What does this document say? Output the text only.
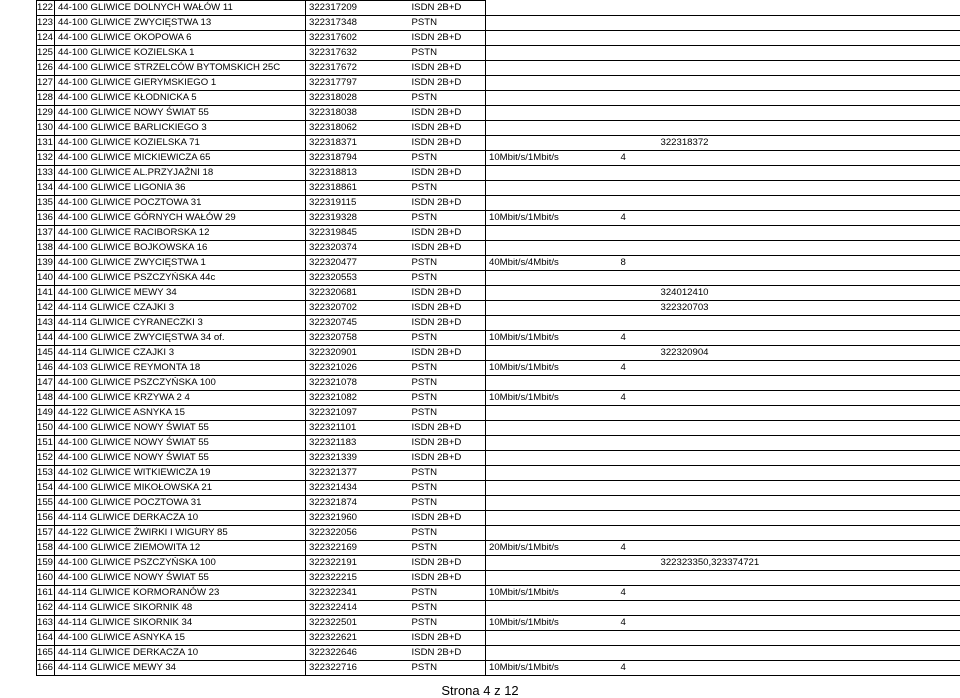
122	44-100 GLIWICE DOLNYCH WAŁÓW 11	322317209	ISDN 2B+D			
123	44-100 GLIWICE ZWYCIĘSTWA 13	322317348	PSTN			
124	44-100 GLIWICE OKOPOWA 6	322317602	ISDN 2B+D			
125	44-100 GLIWICE KOZIELSKA 1	322317632	PSTN			
126	44-100 GLIWICE STRZELCÓW BYTOMSKICH 25C	322317672	ISDN 2B+D			
127	44-100 GLIWICE GIERYMSKIEGO 1	322317797	ISDN 2B+D			
128	44-100 GLIWICE KŁODNICKA 5	322318028	PSTN			
129	44-100 GLIWICE NOWY ŚWIAT 55	322318038	ISDN 2B+D			
130	44-100 GLIWICE BARLICKIEGO 3	322318062	ISDN 2B+D			
131	44-100 GLIWICE KOZIELSKA 71	322318371	ISDN 2B+D			322318372
132	44-100 GLIWICE MICKIEWICZA 65	322318794	PSTN	10Mbit/s/1Mbit/s	4	
133	44-100 GLIWICE AL.PRZYJAŹNI 18	322318813	ISDN 2B+D			
134	44-100 GLIWICE LIGONIA 36	322318861	PSTN			
135	44-100 GLIWICE POCZTOWA 31	322319115	ISDN 2B+D			
136	44-100 GLIWICE GÓRNYCH WAŁÓW 29	322319328	PSTN	10Mbit/s/1Mbit/s	4	
137	44-100 GLIWICE RACIBORSKA 12	322319845	ISDN 2B+D			
138	44-100 GLIWICE BOJKOWSKA 16	322320374	ISDN 2B+D			
139	44-100 GLIWICE ZWYCIĘSTWA 1	322320477	PSTN	40Mbit/s/4Mbit/s	8	
140	44-100 GLIWICE PSZCZYŃSKA 44c	322320553	PSTN			
141	44-100 GLIWICE MEWY 34	322320681	ISDN 2B+D			324012410
142	44-114 GLIWICE CZAJKI 3	322320702	ISDN 2B+D			322320703
143	44-114 GLIWICE CYRANECZKI 3	322320745	ISDN 2B+D			
144	44-100 GLIWICE ZWYCIĘSTWA 34 of.	322320758	PSTN	10Mbit/s/1Mbit/s	4	
145	44-114 GLIWICE CZAJKI 3	322320901	ISDN 2B+D			322320904
146	44-103 GLIWICE REYMONTA 18	322321026	PSTN	10Mbit/s/1Mbit/s	4	
147	44-100 GLIWICE PSZCZYŃSKA 100	322321078	PSTN			
148	44-100 GLIWICE KRZYWA 2 4	322321082	PSTN	10Mbit/s/1Mbit/s	4	
149	44-122 GLIWICE ASNYKA 15	322321097	PSTN			
150	44-100 GLIWICE NOWY ŚWIAT 55	322321101	ISDN 2B+D			
151	44-100 GLIWICE NOWY ŚWIAT 55	322321183	ISDN 2B+D			
152	44-100 GLIWICE NOWY ŚWIAT 55	322321339	ISDN 2B+D			
153	44-102 GLIWICE WITKIEWICZA 19	322321377	PSTN			
154	44-100 GLIWICE MIKOŁOWSKA 21	322321434	PSTN			
155	44-100 GLIWICE POCZTOWA 31	322321874	PSTN			
156	44-114 GLIWICE DERKACZA 10	322321960	ISDN 2B+D			
157	44-122 GLIWICE ŻWIRKI I WIGURY 85	322322056	PSTN			
158	44-100 GLIWICE ZIEMOWITA 12	322322169	PSTN	20Mbit/s/1Mbit/s	4	
159	44-100 GLIWICE PSZCZYŃSKA 100	322322191	ISDN 2B+D			322323350,323374721
160	44-100 GLIWICE NOWY ŚWIAT 55	322322215	ISDN 2B+D			
161	44-114 GLIWICE KORMORANÓW 23	322322341	PSTN	10Mbit/s/1Mbit/s	4	
162	44-114 GLIWICE SIKORNIK 48	322322414	PSTN			
163	44-114 GLIWICE SIKORNIK 34	322322501	PSTN	10Mbit/s/1Mbit/s	4	
164	44-100 GLIWICE ASNYKA 15	322322621	ISDN 2B+D			
165	44-114 GLIWICE DERKACZA 10	322322646	ISDN 2B+D			
166	44-114 GLIWICE MEWY 34	322322716	PSTN	10Mbit/s/1Mbit/s	4	
Strona 4 z 12
